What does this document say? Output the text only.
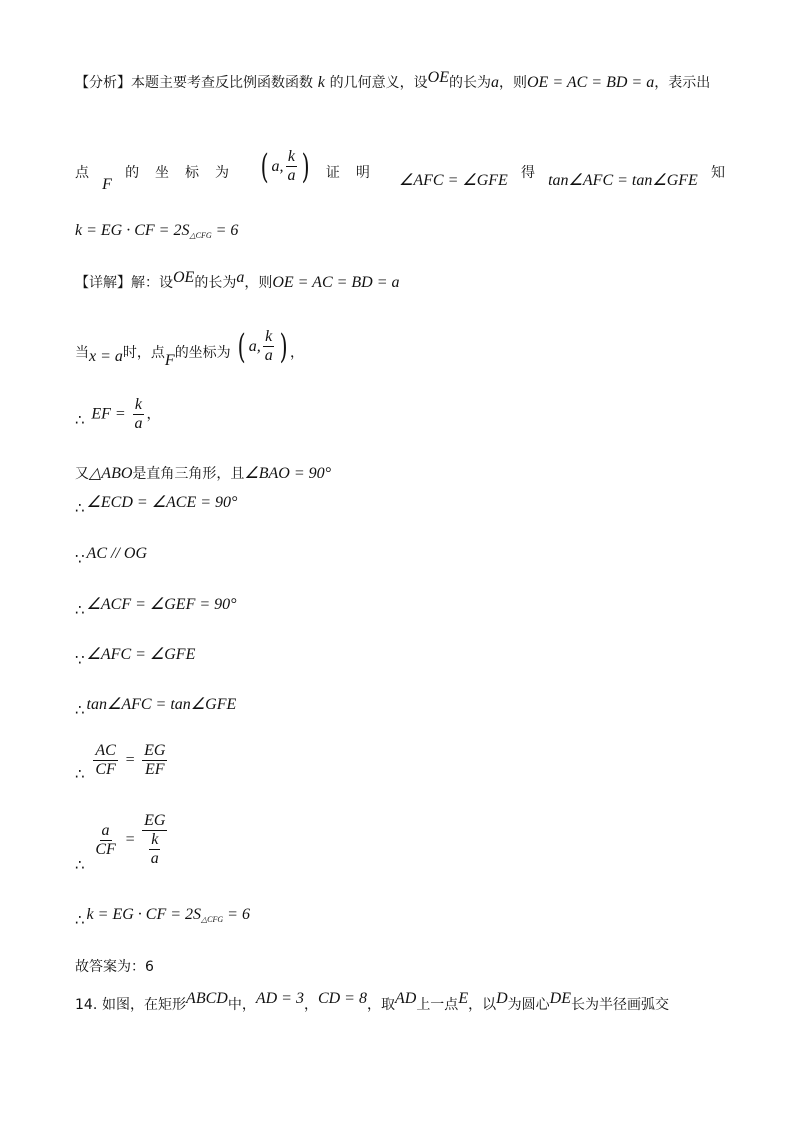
【分析】本题主要考查反比例函数函数 k 的几何意义，设OE的长为a，则OE = AC = BD = a，表示出
点
F
的坐标为 ( a, $\frac{k}{a}$ ) 证明 ∠AFC = ∠GFE 得 tan∠AFC = tan∠GFE 知
k = EG · CF = $2S_{\triangle CFG} = 6$
【详解】解：设OE的长为a，则OE = AC = BD = a
当x = a时，点F的坐标为 ( a, $\frac{k}{a}$ ) ，
∴ EF = $\frac{k}{a}$ ，
又△ABO是直角三角形，且∠BAO = 90°
∴ ∠ECD = ∠ACE = 90°
∵ AC // OG
∴ ∠ACF = ∠GEF = 90°
∵ ∠AFC = ∠GFE
∴ tan∠AFC = tan∠GFE
∴ $\frac{AC}{CF} = \frac{EG}{EF}$
∴
$\frac{a}{CF} = \frac{EG}{\frac{k}{a}}$
∴ k = EG · CF = $2S_{\triangle CFG} = 6$
故答案为：6
14. 如图，在矩形ABCD中，AD = 3，CD = 8，取AD上一点E，以D为圆心DE长为半径画弧交
